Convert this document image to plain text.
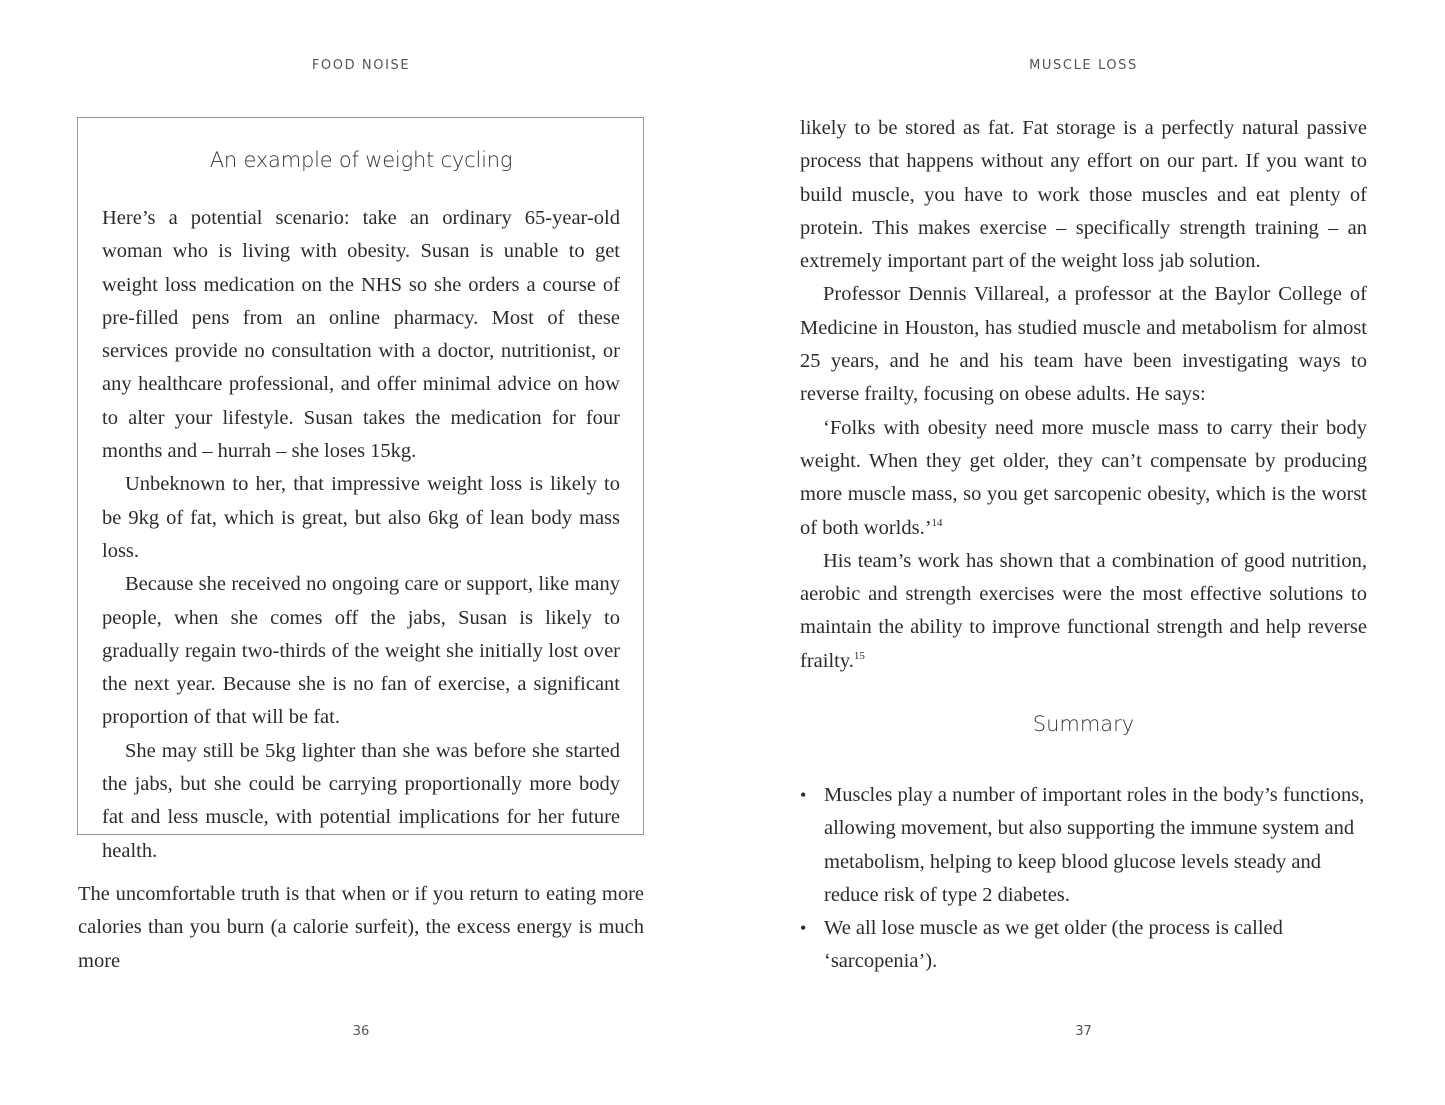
FOOD NOISE
An example of weight cycling

Here’s a potential scenario: take an ordinary 65-year-old woman who is living with obesity. Susan is unable to get weight loss medication on the NHS so she orders a course of pre-filled pens from an online pharmacy. Most of these services provide no consultation with a doctor, nutritionist, or any healthcare professional, and offer minimal advice on how to alter your lifestyle. Susan takes the medication for four months and – hurrah – she loses 15kg.

Unbeknown to her, that impressive weight loss is likely to be 9kg of fat, which is great, but also 6kg of lean body mass loss.

Because she received no ongoing care or support, like many people, when she comes off the jabs, Susan is likely to gradually regain two-thirds of the weight she initially lost over the next year. Because she is no fan of exercise, a significant proportion of that will be fat.

She may still be 5kg lighter than she was before she started the jabs, but she could be carrying proportionally more body fat and less muscle, with potential implications for her future health.

The uncomfortable truth is that when or if you return to eating more calories than you burn (a calorie surfeit), the excess energy is much more

36
MUSCLE LOSS

likely to be stored as fat. Fat storage is a perfectly natural passive process that happens without any effort on our part. If you want to build muscle, you have to work those muscles and eat plenty of protein. This makes exercise – specifically strength training – an extremely important part of the weight loss jab solution.

Professor Dennis Villareal, a professor at the Baylor College of Medicine in Houston, has studied muscle and metabolism for almost 25 years, and he and his team have been investigating ways to reverse frailty, focusing on obese adults. He says:

‘Folks with obesity need more muscle mass to carry their body weight. When they get older, they can’t compensate by producing more muscle mass, so you get sarcopenic obesity, which is the worst of both worlds.’$^{14}$

His team’s work has shown that a combination of good nutrition, aerobic and strength exercises were the most effective solutions to maintain the ability to improve functional strength and help reverse frailty.$^{15}$

Summary
• Muscles play a number of important roles in the body’s functions, allowing movement, but also supporting the immune system and metabolism, helping to keep blood glucose levels steady and reduce risk of type 2 diabetes.
• We all lose muscle as we get older (the process is called ‘sarcopenia’).
37
